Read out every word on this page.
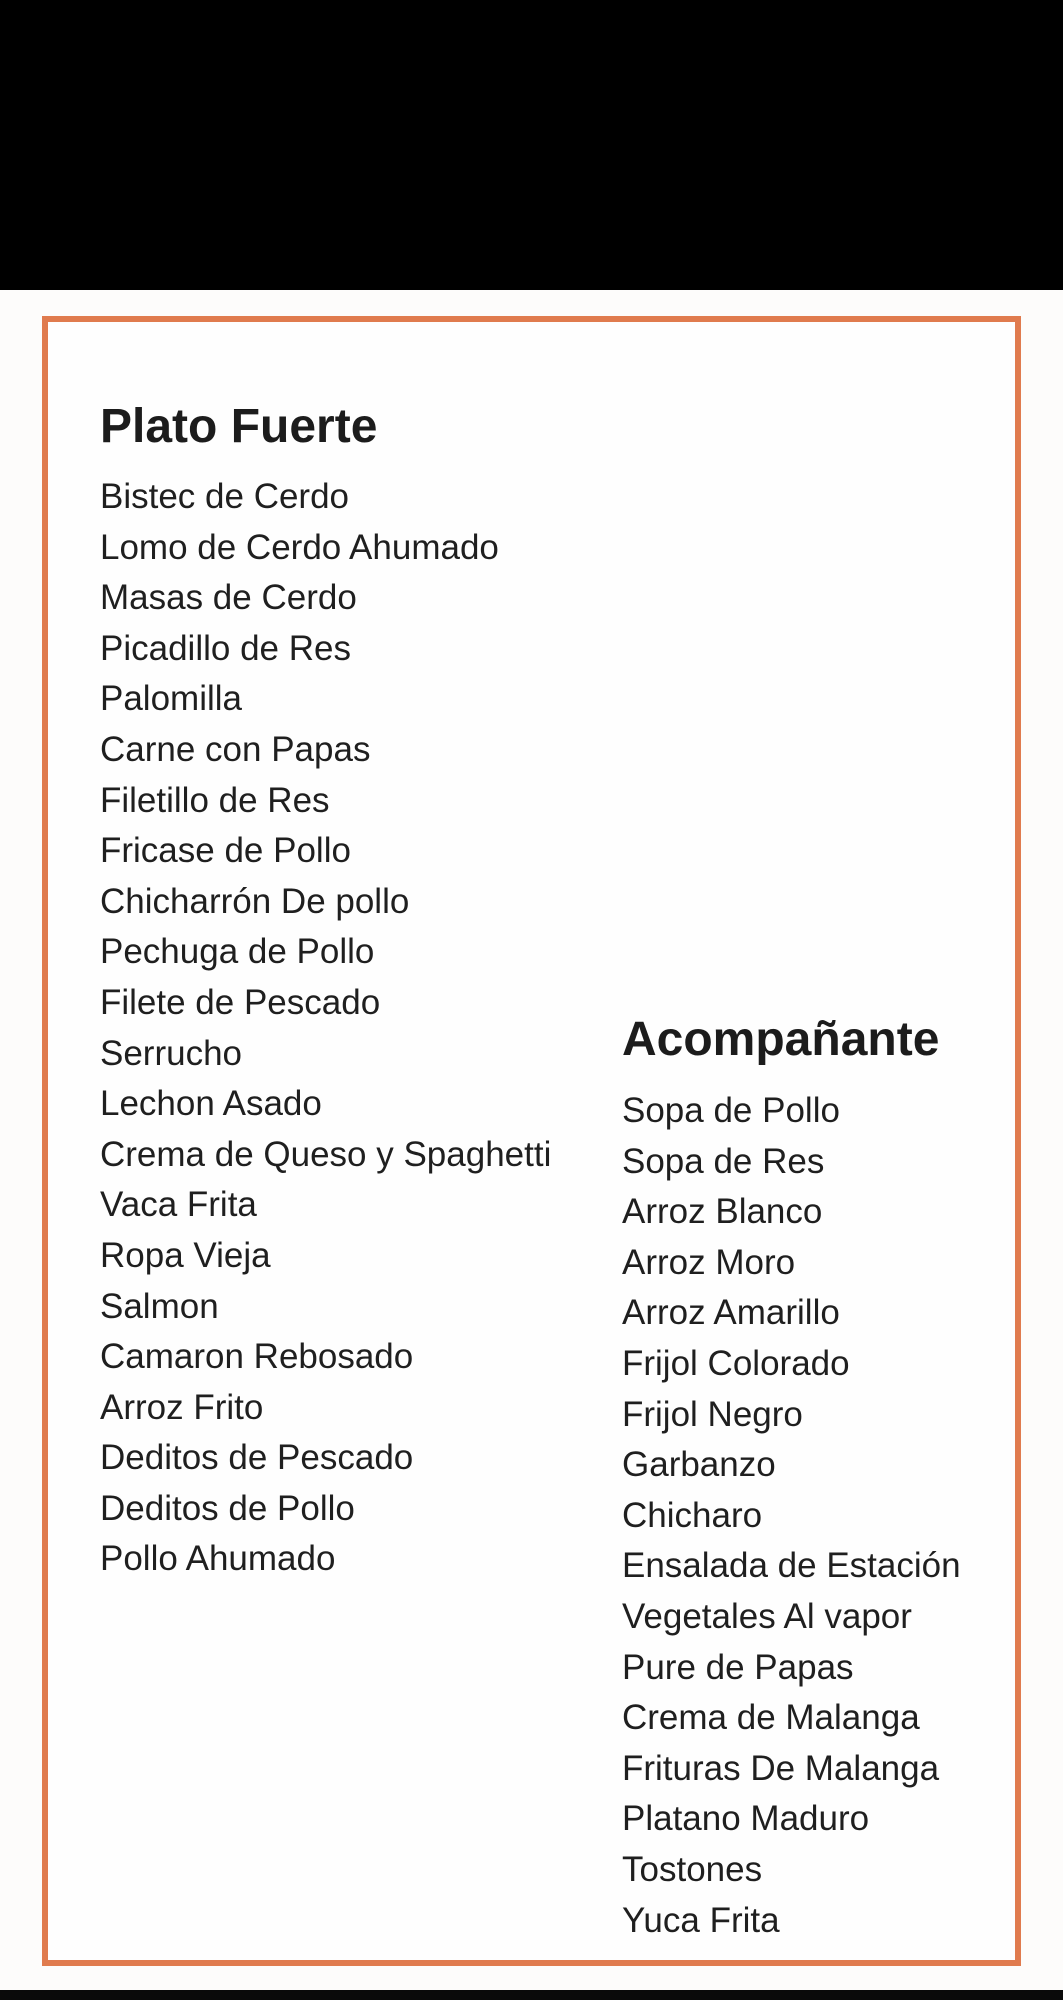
Plato Fuerte
Bistec de Cerdo
Lomo de Cerdo Ahumado
Masas de Cerdo
Picadillo de Res
Palomilla
Carne con Papas
Filetillo de Res
Fricase de Pollo
Chicharrón De pollo
Pechuga de Pollo
Filete de Pescado
Serrucho
Lechon Asado
Crema de Queso y Spaghetti
Vaca Frita
Ropa Vieja
Salmon
Camaron Rebosado
Arroz Frito
Deditos de Pescado
Deditos de Pollo
Pollo Ahumado
Acompañante
Sopa de Pollo
Sopa de Res
Arroz Blanco
Arroz Moro
Arroz Amarillo
Frijol Colorado
Frijol Negro
Garbanzo
Chicharo
Ensalada de Estación
Vegetales Al vapor
Pure de Papas
Crema de Malanga
Frituras De Malanga
Platano Maduro
Tostones
Yuca Frita
